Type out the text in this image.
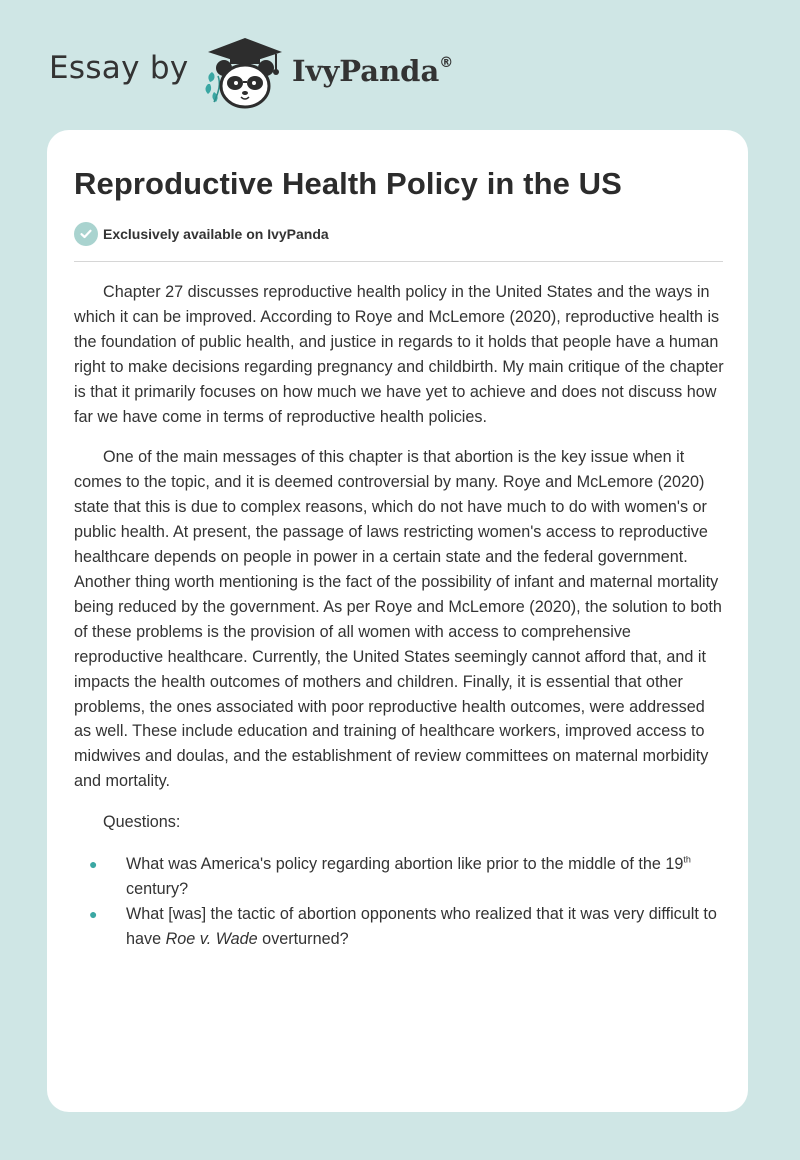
Essay by	IvyPanda®
Reproductive Health Policy in the US
Exclusively available on IvyPanda

Chapter 27 discusses reproductive health policy in the United States and the ways in which it can be improved. According to Roye and McLemore (2020), reproductive health is the foundation of public health, and justice in regards to it holds that people have a human right to make decisions regarding pregnancy and childbirth. My main critique of the chapter is that it primarily focuses on how much we have yet to achieve and does not discuss how far we have come in terms of reproductive health policies.

One of the main messages of this chapter is that abortion is the key issue when it comes to the topic, and it is deemed controversial by many. Roye and McLemore (2020) state that this is due to complex reasons, which do not have much to do with women's or public health. At present, the passage of laws restricting women's access to reproductive healthcare depends on people in power in a certain state and the federal government. Another thing worth mentioning is the fact of the possibility of infant and maternal mortality being reduced by the government. As per Roye and McLemore (2020), the solution to both of these problems is the provision of all women with access to comprehensive reproductive healthcare. Currently, the United States seemingly cannot afford that, and it impacts the health outcomes of mothers and children. Finally, it is essential that other problems, the ones associated with poor reproductive health outcomes, were addressed as well. These include education and training of healthcare workers, improved access to midwives and doulas, and the establishment of review committees on maternal morbidity and mortality.

Questions:

● What was America's policy regarding abortion like prior to the middle of the 19th century?
● What [was] the tactic of abortion opponents who realized that it was very difficult to have Roe v. Wade overturned?
